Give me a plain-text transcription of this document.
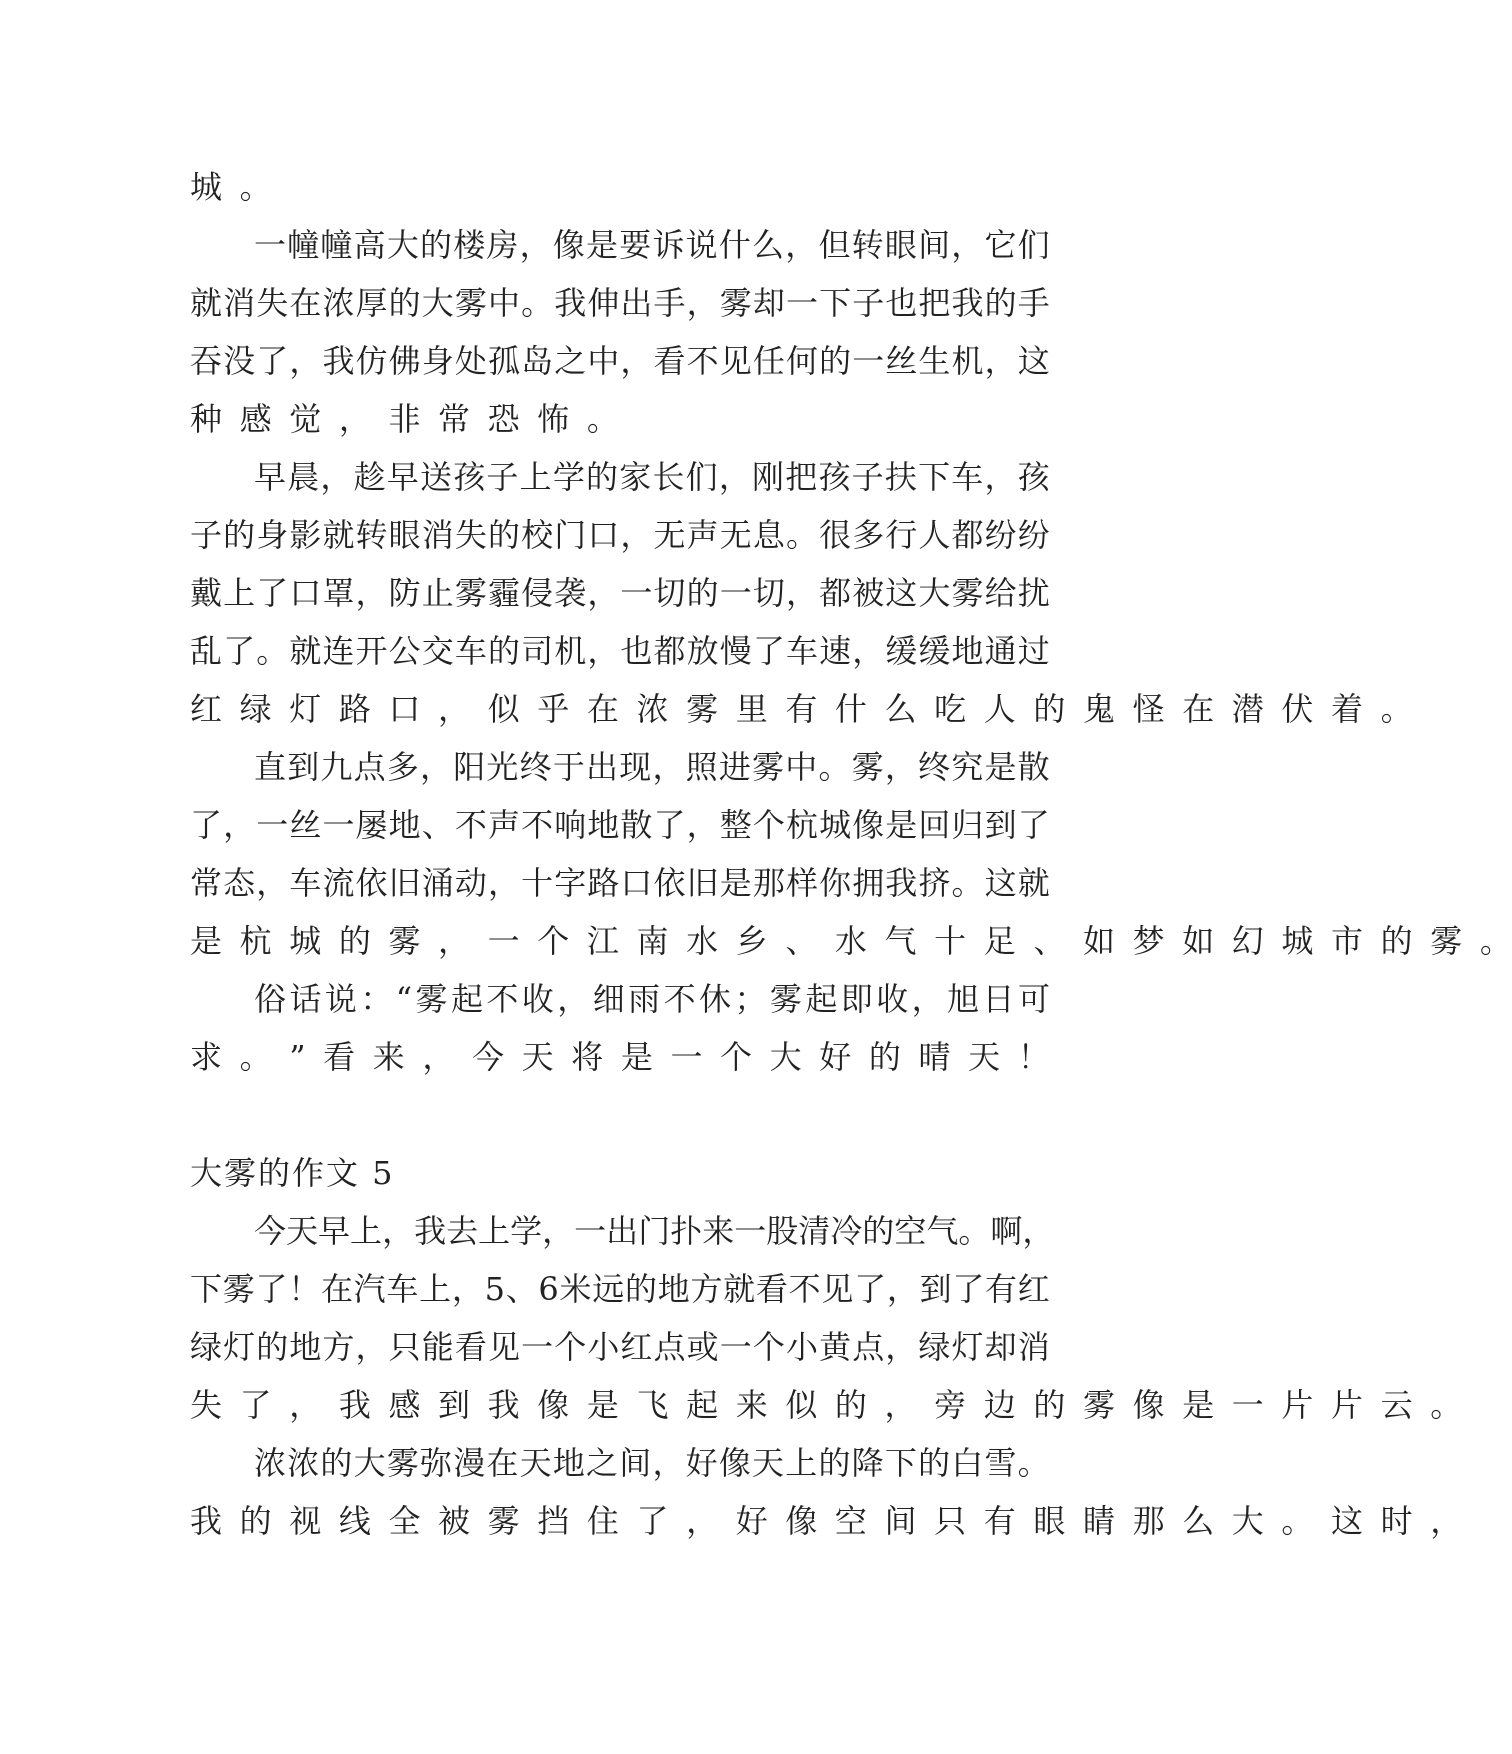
城 。
一 幢 幢 高 大 的 楼 房 ， 像 是 要 诉 说 什 么 ， 但 转 眼 间 ， 它 们
就 消 失 在 浓 厚 的 大 雾 中 。 我 伸 出 手 ， 雾 却 一 下 子 也 把 我 的 手
吞 没 了 ， 我 仿 佛 身 处 孤 岛 之 中 ， 看 不 见 任 何 的 一 丝 生 机 ， 这
种 感 觉 ， 非 常 恐 怖 。
早 晨 ， 趁 早 送 孩 子 上 学 的 家 长 们 ， 刚 把 孩 子 扶 下 车 ， 孩
子 的 身 影 就 转 眼 消 失 的 校 门 口 ， 无 声 无 息 。 很 多 行 人 都 纷 纷
戴 上 了 口 罩 ， 防 止 雾 霾 侵 袭 ， 一 切 的 一 切 ， 都 被 这 大 雾 给 扰
乱 了 。 就 连 开 公 交 车 的 司 机 ， 也 都 放 慢 了 车 速 ， 缓 缓 地 通 过
红 绿 灯 路 口 ， 似 乎 在 浓 雾 里 有 什 么 吃 人 的 鬼 怪 在 潜 伏 着 。
直 到 九 点 多 ， 阳 光 终 于 出 现 ， 照 进 雾 中 。 雾 ， 终 究 是 散
了 ， 一 丝 一 屡 地 、 不 声 不 响 地 散 了 ， 整 个 杭 城 像 是 回 归 到 了
常 态 ， 车 流 依 旧 涌 动 ， 十 字 路 口 依 旧 是 那 样 你 拥 我 挤 。 这 就
是 杭 城 的 雾 ， 一 个 江 南 水 乡 、 水 气 十 足 、 如 梦 如 幻 城 市 的 雾 。
俗 话 说 ： “ 雾 起 不 收 ， 细 雨 不 休 ； 雾 起 即 收 ， 旭 日 可
求 。 ” 看 来 ， 今 天 将 是 一 个 大 好 的 晴 天 ！
大雾的作文 5
今 天 早 上 ， 我 去 上 学 ， 一 出 门 扑 来 一 股 清 冷 的 空 气 。 啊 ，
下 雾 了 ！ 在 汽 车 上 ， 5 、 6 米 远 的 地 方 就 看 不 见 了 ， 到 了 有 红
绿 灯 的 地 方 ， 只 能 看 见 一 个 小 红 点 或 一 个 小 黄 点 ， 绿 灯 却 消
失 了 ， 我 感 到 我 像 是 飞 起 来 似 的 ， 旁 边 的 雾 像 是 一 片 片 云 。
浓 浓 的 大 雾 弥 漫 在 天 地 之 间 ， 好 像 天 上 的 降 下 的 白 雪 。
我 的 视 线 全 被 雾 挡 住 了 ， 好 像 空 间 只 有 眼 睛 那 么 大 。 这 时 ，
